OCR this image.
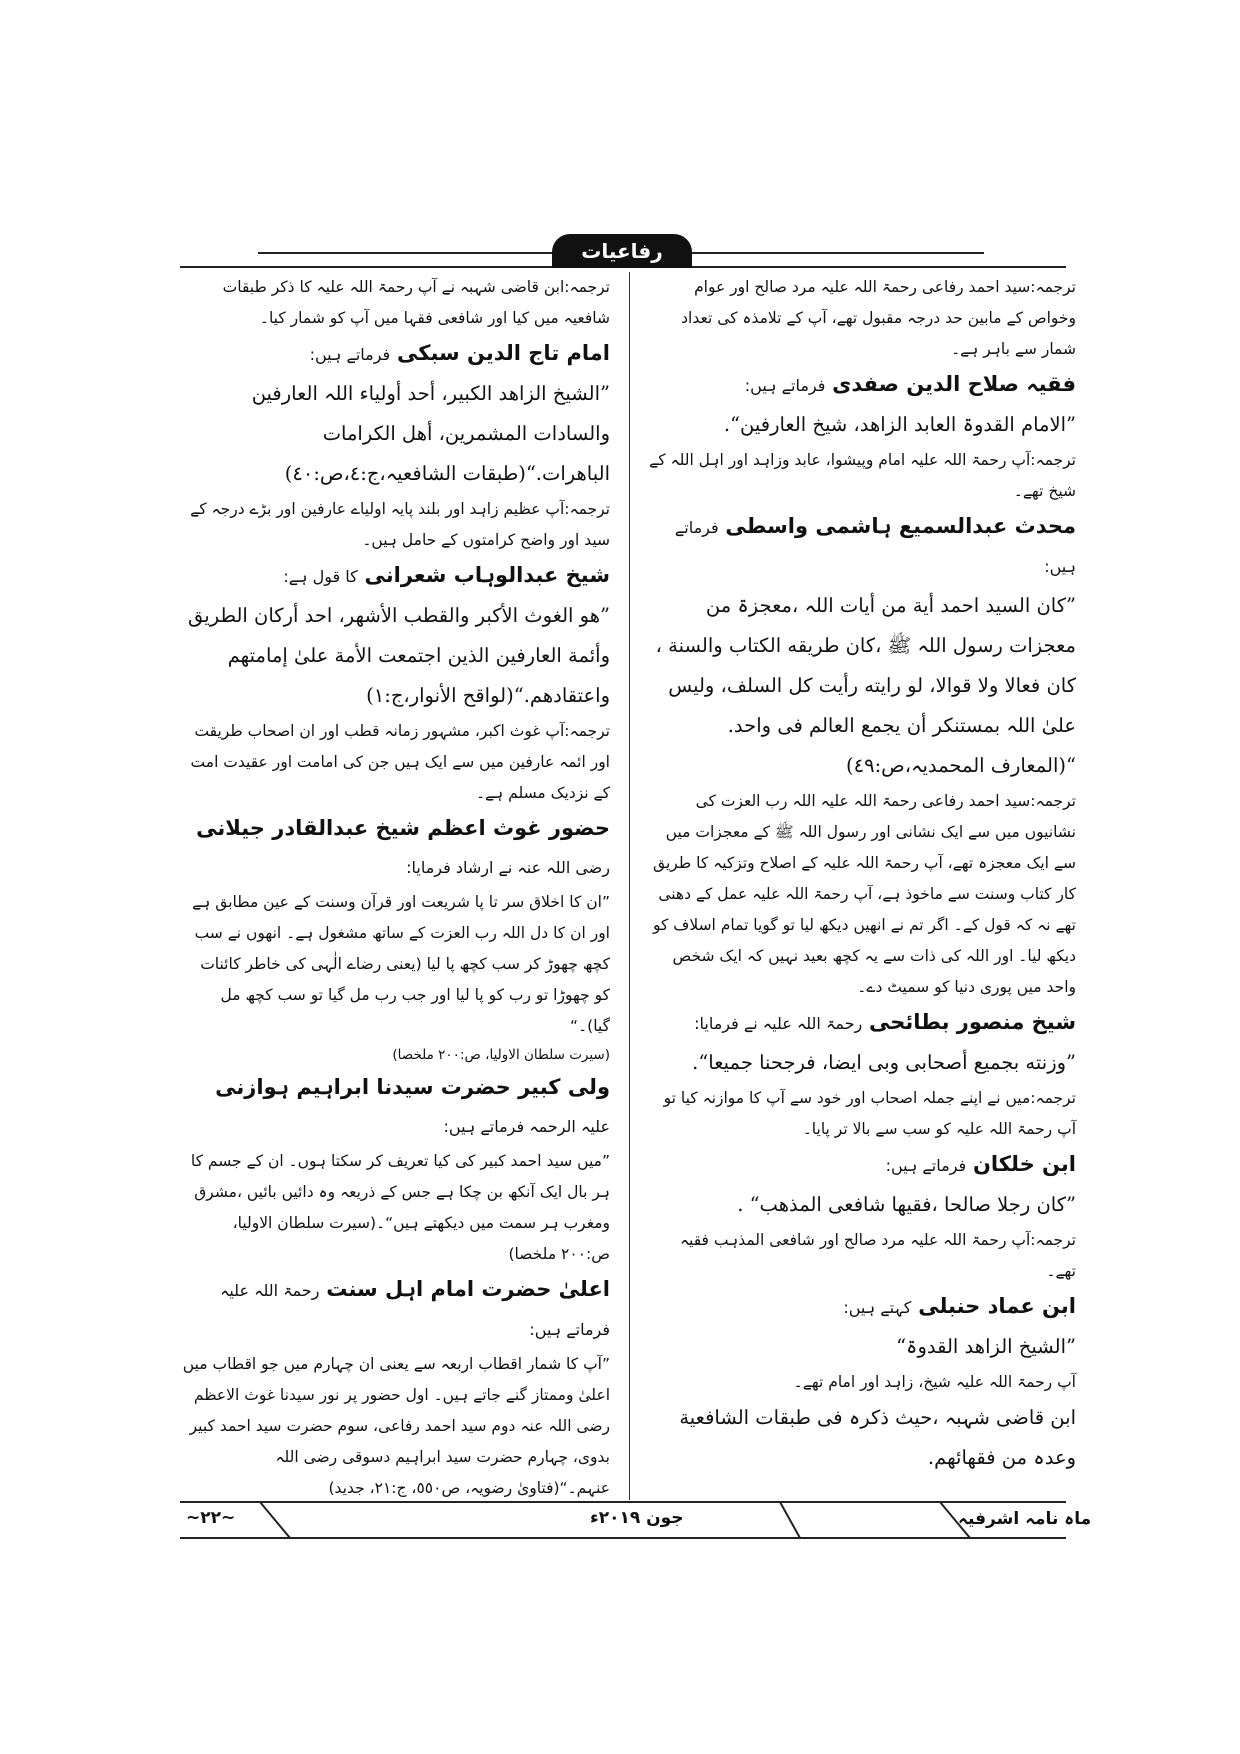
رفاعیات

ترجمہ:سید احمد رفاعی رحمۃ اللہ علیہ مرد صالح اور عوام وخواص کے مابین حد درجہ مقبول تھے، آپ کے تلامذہ کی تعداد شمار سے باہر ہے۔

فقیہ صلاح الدین صفدی فرماتے ہیں:

”الامام القدوۃ العابد الزاھد، شیخ العارفین“.

ترجمہ:آپ رحمۃ اللہ علیہ امام وپیشوا، عابد وزاہد اور اہل اللہ کے شیخ تھے۔

محدث عبدالسمیع ہاشمی واسطی فرماتے ہیں:

”کان السید احمد أیة من أیات اللہ ،معجزۃ من معجزات رسول اللہ ﷺ ،کان طریقه الکتاب والسنة ، کان فعالا ولا قوالا، لو رایته رأیت کل السلف، ولیس علیٰ اللہ بمستنکر أن یجمع العالم فی واحد. “(المعارف المحمدیہ،ص:٤٩)

ترجمہ:سید احمد رفاعی رحمۃ اللہ علیہ اللہ رب العزت کی نشانیوں میں سے ایک نشانی اور رسول اللہ ﷺ کے معجزات میں سے ایک معجزہ تھے، آپ رحمۃ اللہ علیہ کے اصلاح وتزکیہ کا طریق کار کتاب وسنت سے ماخوذ ہے، آپ رحمۃ اللہ علیہ عمل کے دھنی تھے نہ کہ قول کے۔ اگر تم نے انھیں دیکھ لیا تو گویا تمام اسلاف کو دیکھ لیا۔ اور اللہ کی ذات سے یہ کچھ بعید نہیں کہ ایک شخص واحد میں پوری دنیا کو سمیٹ دے۔

شیخ منصور بطائحی رحمۃ اللہ علیہ نے فرمایا:

”وزنته بجمیع أصحابی وبی ایضا، فرجحنا جمیعا“.

ترجمہ:میں نے اپنے جملہ اصحاب اور خود سے آپ کا موازنہ کیا تو آپ رحمۃ اللہ علیہ کو سب سے بالا تر پایا۔

ابن خلکان فرماتے ہیں:

”کان رجلا صالحا ،فقیھا شافعی المذھب“ .

ترجمہ:آپ رحمۃ اللہ علیہ مرد صالح اور شافعی المذہب فقیہ تھے۔

ابن عماد حنبلی کہتے ہیں:

”الشیخ الزاھد القدوۃ“

آپ رحمۃ اللہ علیہ شیخ، زاہد اور امام تھے۔

ابن قاضی شہبہ ،حیث ذکرہ فی طبقات الشافعیة وعدہ من فقھائھم.

ترجمہ:ابن قاضی شہبہ نے آپ رحمۃ اللہ علیہ کا ذکر طبقات شافعیہ میں کیا اور شافعی فقہا میں آپ کو شمار کیا۔

امام تاج الدین سبکی فرماتے ہیں:

”الشیخ الزاھد الکبیر، أحد أولیاء اللہ العارفین والسادات المشمرین، أھل الکرامات الباھرات.“(طبقات الشافعیہ،ج:٤،ص:٤٠)

ترجمہ:آپ عظیم زاہد اور بلند پایہ اولیاے عارفین اور بڑے درجہ کے سید اور واضح کرامتوں کے حامل ہیں۔

شیخ عبدالوہاب شعرانی کا قول ہے:

”ھو الغوث الأکبر والقطب الأشھر، احد أرکان الطریق وأئمة العارفین الذین اجتمعت الأمة علیٰ إمامتھم واعتقادھم.“(لواقح الأنوار،ج:١)

ترجمہ:آپ غوث اکبر، مشہور زمانہ قطب اور ان اصحاب طریقت اور ائمہ عارفین میں سے ایک ہیں جن کی امامت اور عقیدت امت کے نزدیک مسلم ہے۔

حضور غوث اعظم شیخ عبدالقادر جیلانی رضی اللہ عنہ نے ارشاد فرمایا:

”ان کا اخلاق سر تا پا شریعت اور قرآن وسنت کے عین مطابق ہے اور ان کا دل اللہ رب العزت کے ساتھ مشغول ہے۔ انھوں نے سب کچھ چھوڑ کر سب کچھ پا لیا (یعنی رضاے الٰہی کی خاطر کائنات کو چھوڑا تو رب کو پا لیا اور جب رب مل گیا تو سب کچھ مل گیا)۔“

(سیرت سلطان الاولیا، ص:٢٠٠ ملخصا)

ولی کبیر حضرت سیدنا ابراہیم ہوازنی علیہ الرحمہ فرماتے ہیں:

”میں سید احمد کبیر کی کیا تعریف کر سکتا ہوں۔ ان کے جسم کا ہر بال ایک آنکھ بن چکا ہے جس کے ذریعہ وہ دائیں بائیں ،مشرق ومغرب ہر سمت میں دیکھتے ہیں“۔(سیرت سلطان الاولیا، ص:٢٠٠ ملخصا)

اعلیٰ حضرت امام اہل سنت رحمۃ اللہ علیہ فرماتے ہیں:

”آپ کا شمار اقطاب اربعہ سے یعنی ان چہارم میں جو اقطاب میں اعلیٰ وممتاز گنے جاتے ہیں۔ اول حضور پر نور سیدنا غوث الاعظم رضی اللہ عنہ دوم سید احمد رفاعی، سوم حضرت سید احمد کبیر بدوی، چہارم حضرت سید ابراہیم دسوقی رضی اللہ عنہم۔“(فتاویٰ رضویہ، ص٥٥٠، ج:٢١، جدید)

ماہ نامہ اشرفیہ
جون ٢٠١٩ء
~٢٢~
